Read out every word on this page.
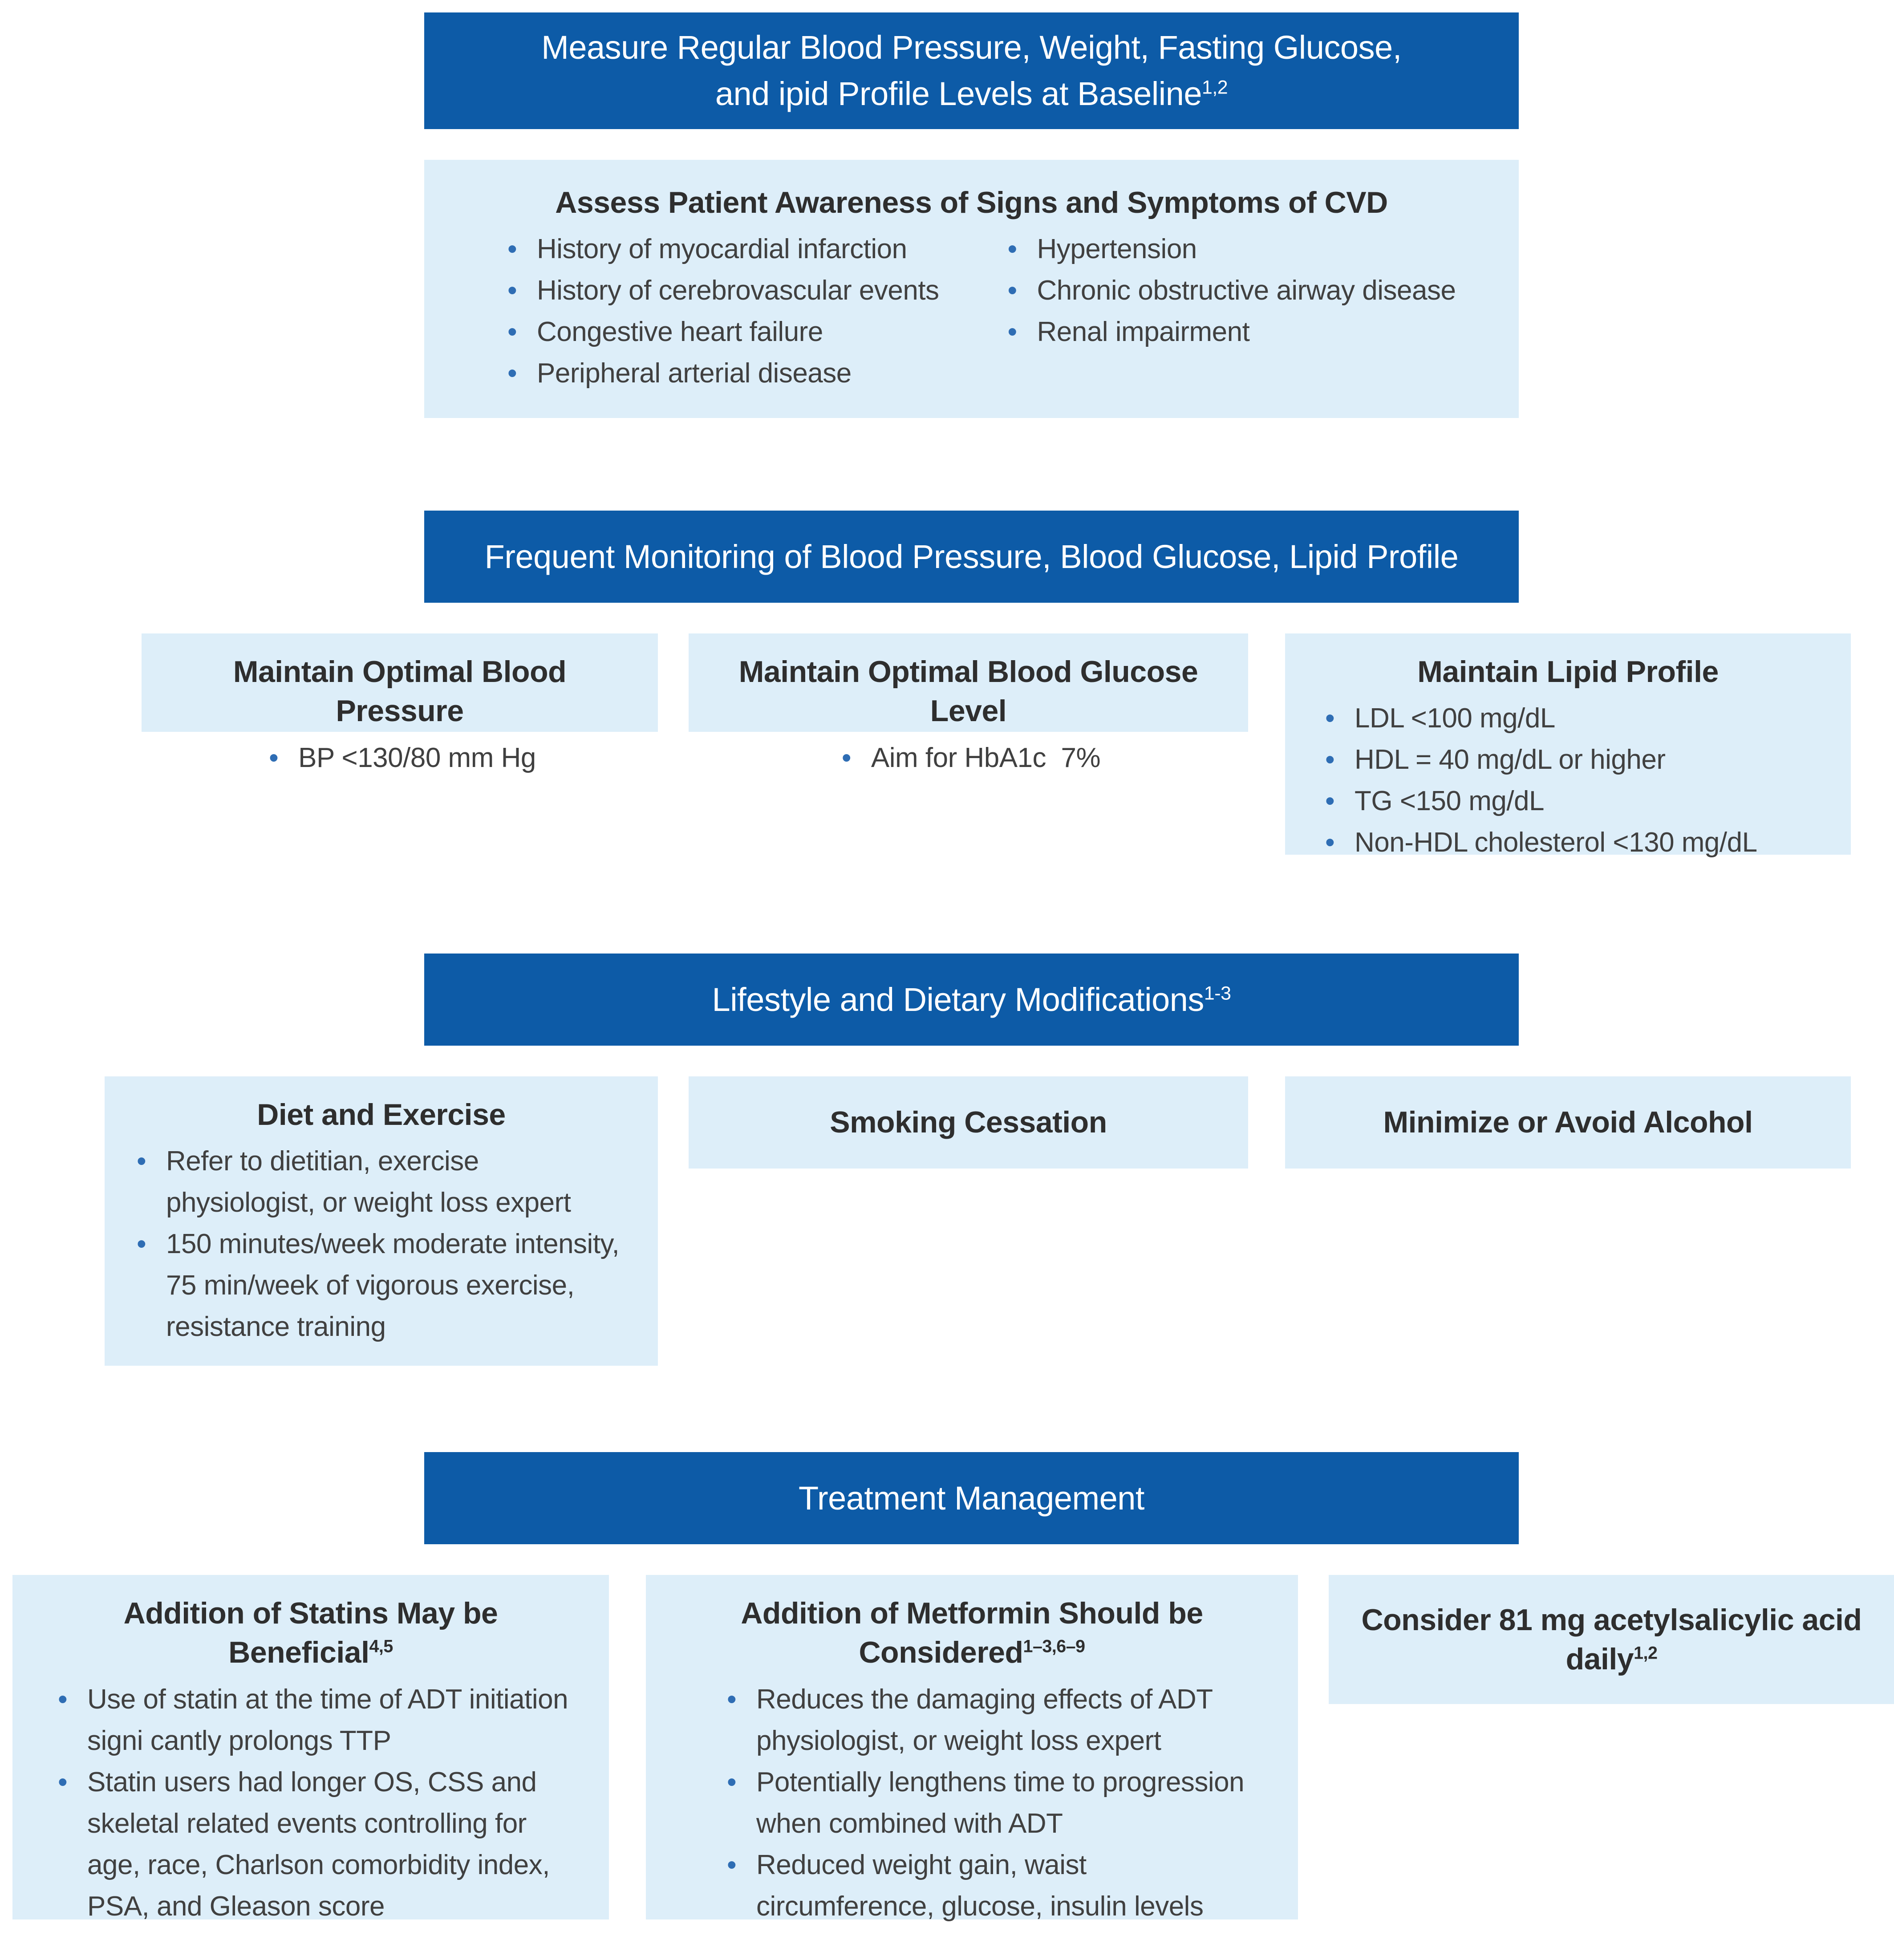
Measure Regular Blood Pressure, Weight, Fasting Glucose,
and ipid Profile Levels at Baseline$^{1,2}$
Assess Patient Awareness of Signs and Symptoms of CVD
• History of myocardial infarction
• History of cerebrovascular events
• Congestive heart failure
• Peripheral arterial disease
• Hypertension
• Chronic obstructive airway disease
• Renal impairment
Frequent Monitoring of Blood Pressure, Blood Glucose, Lipid Profile
Maintain Optimal Blood Pressure
• BP <130/80 mm Hg
Maintain Optimal Blood Glucose Level
• Aim for HbA1c  7%
Maintain Lipid Profile
• LDL <100 mg/dL
• HDL = 40 mg/dL or higher
• TG <150 mg/dL
• Non-HDL cholesterol <130 mg/dL
Lifestyle and Dietary Modifications$^{1-3}$
Diet and Exercise
• Refer to dietitian, exercise physiologist, or weight loss expert
• 150 minutes/week moderate intensity, 75 min/week of vigorous exercise, resistance training
Smoking Cessation	Minimize or Avoid Alcohol
Treatment Management
Addition of Statins May be Beneficial$^{4,5}$
• Use of statin at the time of ADT initiation signi cantly prolongs TTP
• Statin users had longer OS, CSS and skeletal related events controlling for age, race, Charlson comorbidity index, PSA, and Gleason score
Addition of Metformin Should be Considered$^{1-3,6-9}$
• Reduces the damaging effects of ADT physiologist, or weight loss expert
• Potentially lengthens time to progression when combined with ADT
• Reduced weight gain, waist circumference, glucose, insulin levels
Consider 81 mg acetylsalicylic acid daily$^{1,2}$
